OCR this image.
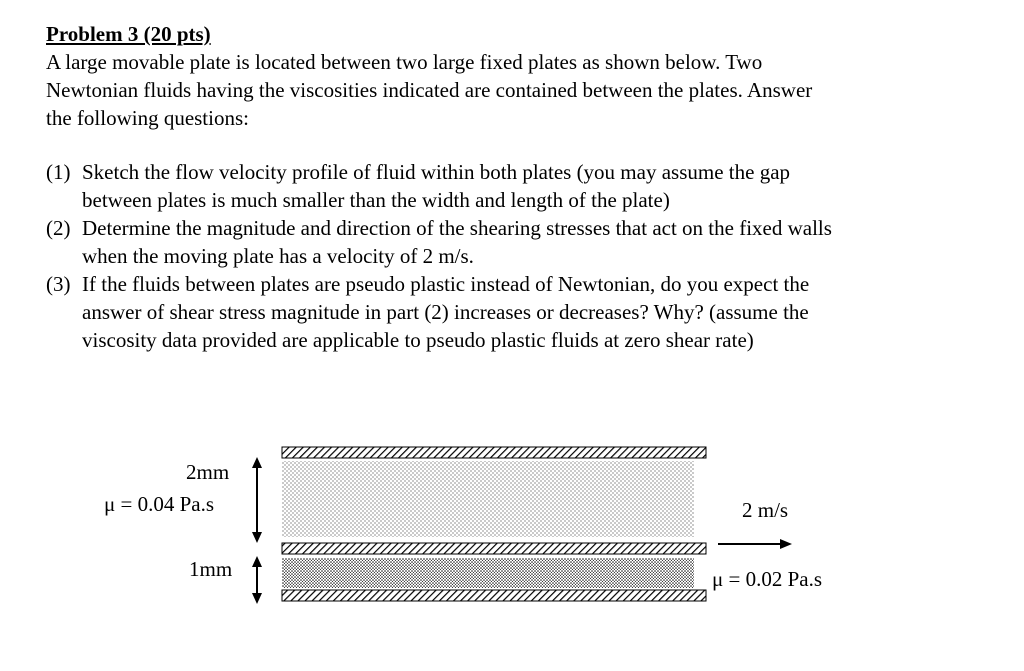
Problem 3 (20 pts)
A large movable plate is located between two large fixed plates as shown below. Two
Newtonian fluids having the viscosities indicated are contained between the plates. Answer
the following questions:
(1) Sketch the flow velocity profile of fluid within both plates (you may assume the gap
between plates is much smaller than the width and length of the plate)
(2) Determine the magnitude and direction of the shearing stresses that act on the fixed walls
when the moving plate has a velocity of 2 m/s.
(3) If the fluids between plates are pseudo plastic instead of Newtonian, do you expect the
answer of shear stress magnitude in part (2) increases or decreases? Why? (assume the
viscosity data provided are applicable to pseudo plastic fluids at zero shear rate)
2mm
μ = 0.04 Pa.s
1mm
2 m/s
μ = 0.02 Pa.s
